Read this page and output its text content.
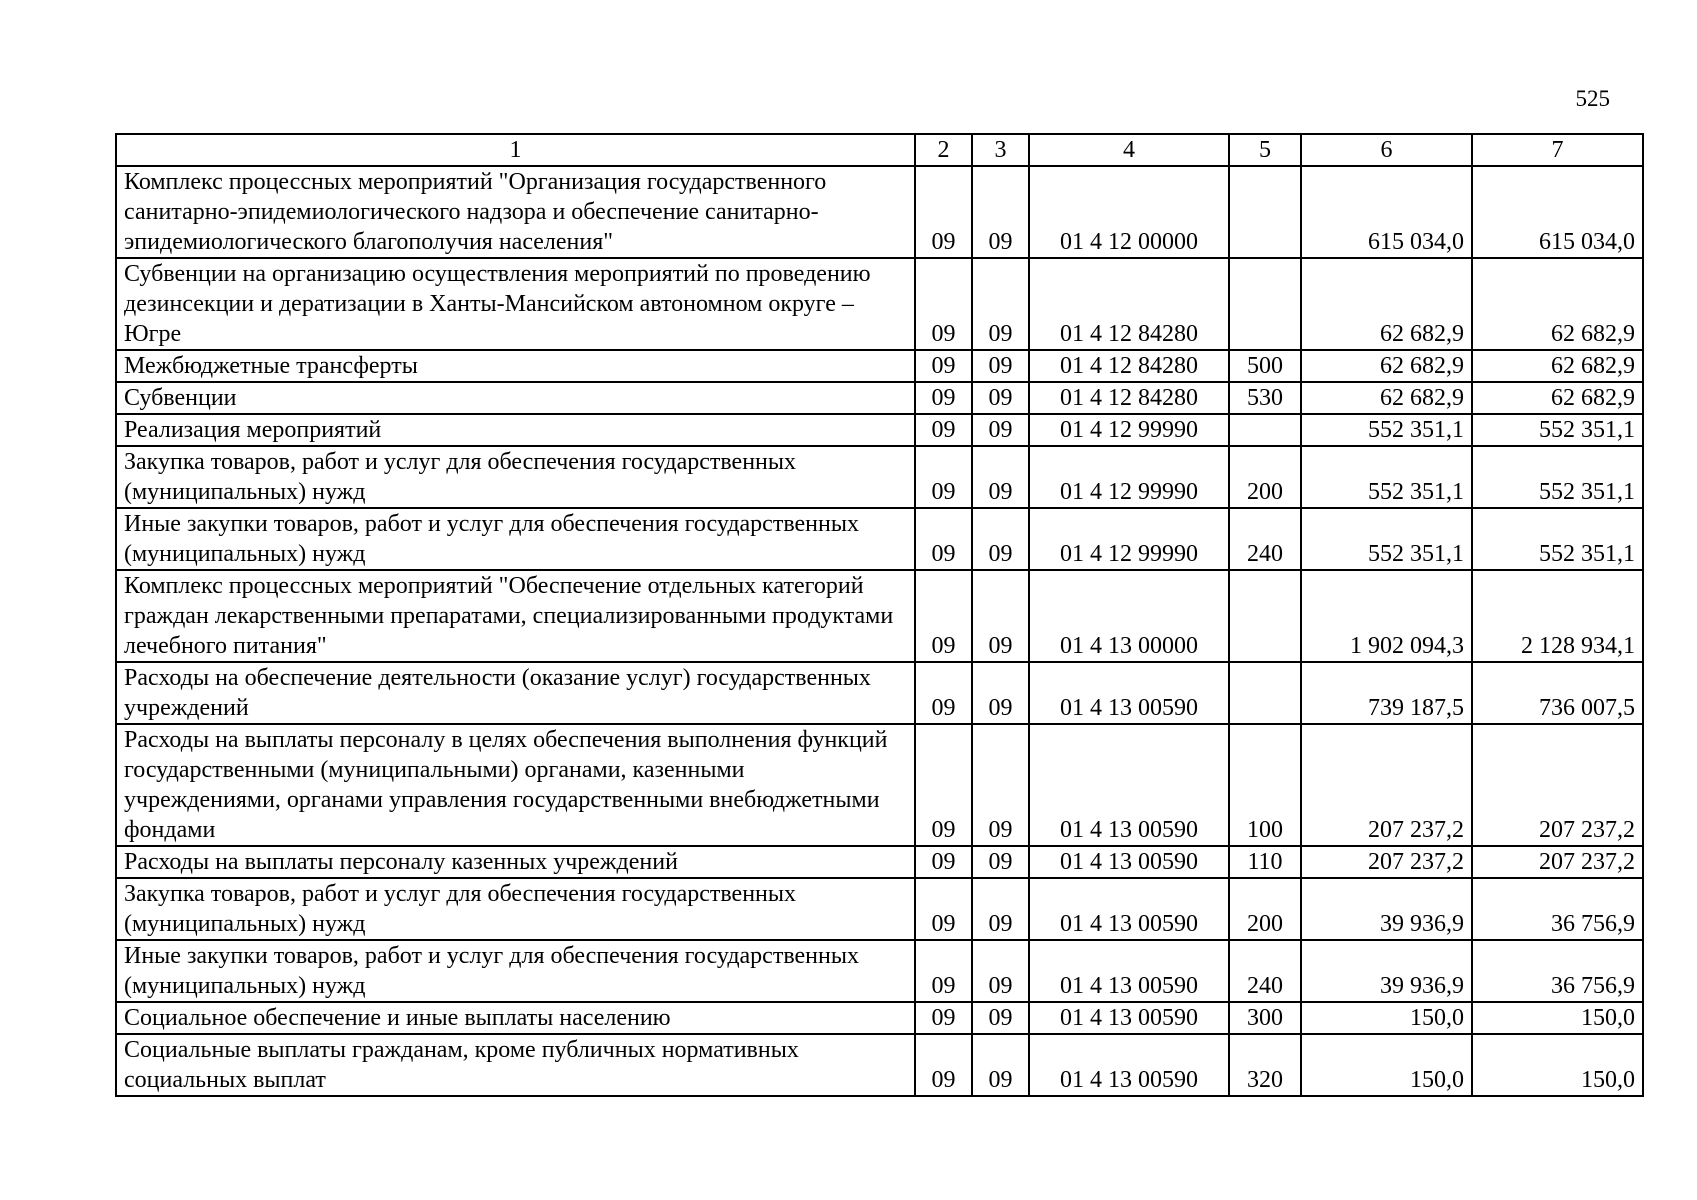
525
1	2	3	4	5	6	7
Комплекс процессных мероприятий "Организация государственного санитарно-эпидемиологического надзора и обеспечение санитарно-эпидемиологического благополучия населения"	09	09	01 4 12 00000		615 034,0	615 034,0
Субвенции на организацию осуществления мероприятий по проведению дезинсекции и дератизации в Ханты-Мансийском автономном округе – Югре	09	09	01 4 12 84280		62 682,9	62 682,9
Межбюджетные трансферты	09	09	01 4 12 84280	500	62 682,9	62 682,9
Субвенции	09	09	01 4 12 84280	530	62 682,9	62 682,9
Реализация мероприятий	09	09	01 4 12 99990		552 351,1	552 351,1
Закупка товаров, работ и услуг для обеспечения государственных (муниципальных) нужд	09	09	01 4 12 99990	200	552 351,1	552 351,1
Иные закупки товаров, работ и услуг для обеспечения государственных (муниципальных) нужд	09	09	01 4 12 99990	240	552 351,1	552 351,1
Комплекс процессных мероприятий "Обеспечение отдельных категорий граждан лекарственными препаратами, специализированными продуктами лечебного питания"	09	09	01 4 13 00000		1 902 094,3	2 128 934,1
Расходы на обеспечение деятельности (оказание услуг) государственных учреждений	09	09	01 4 13 00590		739 187,5	736 007,5
Расходы на выплаты персоналу в целях обеспечения выполнения функций государственными (муниципальными) органами, казенными учреждениями, органами управления государственными внебюджетными фондами	09	09	01 4 13 00590	100	207 237,2	207 237,2
Расходы на выплаты персоналу казенных учреждений	09	09	01 4 13 00590	110	207 237,2	207 237,2
Закупка товаров, работ и услуг для обеспечения государственных (муниципальных) нужд	09	09	01 4 13 00590	200	39 936,9	36 756,9
Иные закупки товаров, работ и услуг для обеспечения государственных (муниципальных) нужд	09	09	01 4 13 00590	240	39 936,9	36 756,9
Социальное обеспечение и иные выплаты населению	09	09	01 4 13 00590	300	150,0	150,0
Социальные выплаты гражданам, кроме публичных нормативных социальных выплат	09	09	01 4 13 00590	320	150,0	150,0
